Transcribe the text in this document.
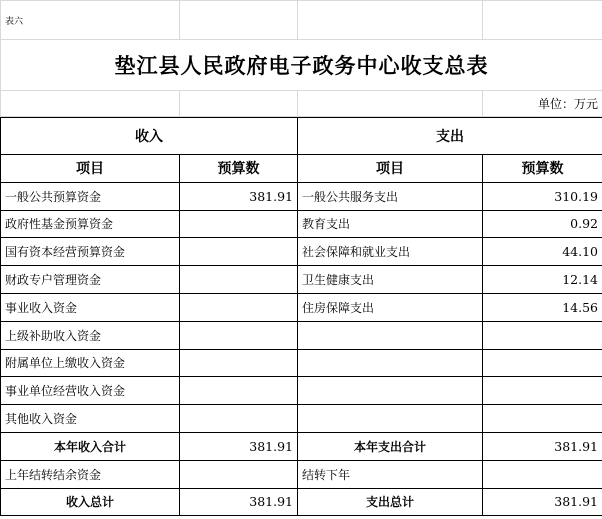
表六			
垫江县人民政府电子政务中心收支总表			
			单位：万元
收入		支出	
项目	预算数	项目	预算数
一般公共预算资金	381.91	一般公共服务支出	310.19
政府性基金预算资金		教育支出	0.92
国有资本经营预算资金		社会保障和就业支出	44.10
财政专户管理资金		卫生健康支出	12.14
事业收入资金		住房保障支出	14.56
上级补助收入资金			
附属单位上缴收入资金			
事业单位经营收入资金			
其他收入资金			
本年收入合计	381.91	本年支出合计	381.91
上年结转结余资金		结转下年	
收入总计	381.91	支出总计	381.91
